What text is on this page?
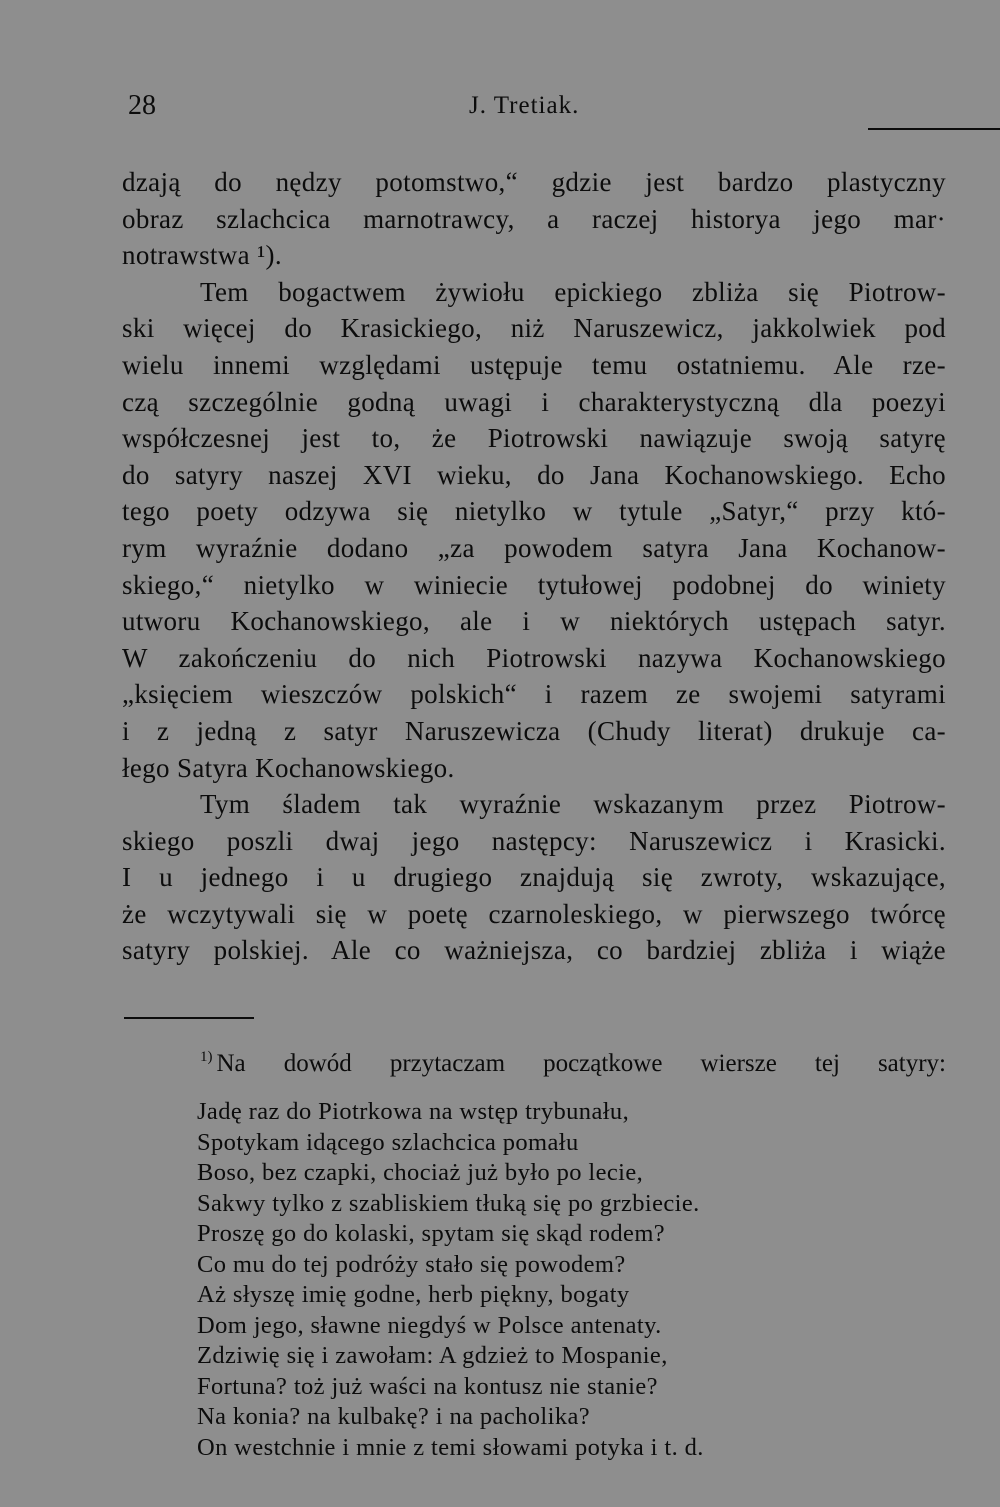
28	J. Tretiak.
dzają do nędzy potomstwo,“ gdzie jest bardzo plastyczny
obraz szlachcica marnotrawcy, a raczej historya jego mar·
notrawstwa ¹).
Tem bogactwem żywiołu epickiego zbliża się Piotrow-
ski więcej do Krasickiego, niż Naruszewicz, jakkolwiek pod
wielu innemi względami ustępuje temu ostatniemu. Ale rze-
czą szczególnie godną uwagi i charakterystyczną dla poezyi
współczesnej jest to, że Piotrowski nawiązuje swoją satyrę
do satyry naszej XVI wieku, do Jana Kochanowskiego. Echo
tego poety odzywa się nietylko w tytule „Satyr,“ przy któ-
rym wyraźnie dodano „za powodem satyra Jana Kochanow-
skiego,“ nietylko w winiecie tytułowej podobnej do winiety
utworu Kochanowskiego, ale i w niektórych ustępach satyr.
W zakończeniu do nich Piotrowski nazywa Kochanowskiego
„księciem wieszczów polskich“ i razem ze swojemi satyrami
i z jedną z satyr Naruszewicza (Chudy literat) drukuje ca-
łego Satyra Kochanowskiego.
Tym śladem tak wyraźnie wskazanym przez Piotrow-
skiego poszli dwaj jego następcy: Naruszewicz i Krasicki.
I u jednego i u drugiego znajdują się zwroty, wskazujące,
że wczytywali się w poetę czarnoleskiego, w pierwszego twórcę
satyry polskiej. Ale co ważniejsza, co bardziej zbliża i wiąże
$^{1)}$ Na dowód przytaczam początkowe wiersze tej satyry:
Jadę raz do Piotrkowa na wstęp trybunału,
Spotykam idącego szlachcica pomału
Boso, bez czapki, chociaż już było po lecie,
Sakwy tylko z szabliskiem tłuką się po grzbiecie.
Proszę go do kolaski, spytam się skąd rodem?
Co mu do tej podróży stało się powodem?
Aż słyszę imię godne, herb piękny, bogaty
Dom jego, sławne niegdyś w Polsce antenaty.
Zdziwię się i zawołam: A gdzież to Mospanie,
Fortuna? toż już waści na kontusz nie stanie?
Na konia? na kulbakę? i na pacholika?
On westchnie i mnie z temi słowami potyka i t. d.
